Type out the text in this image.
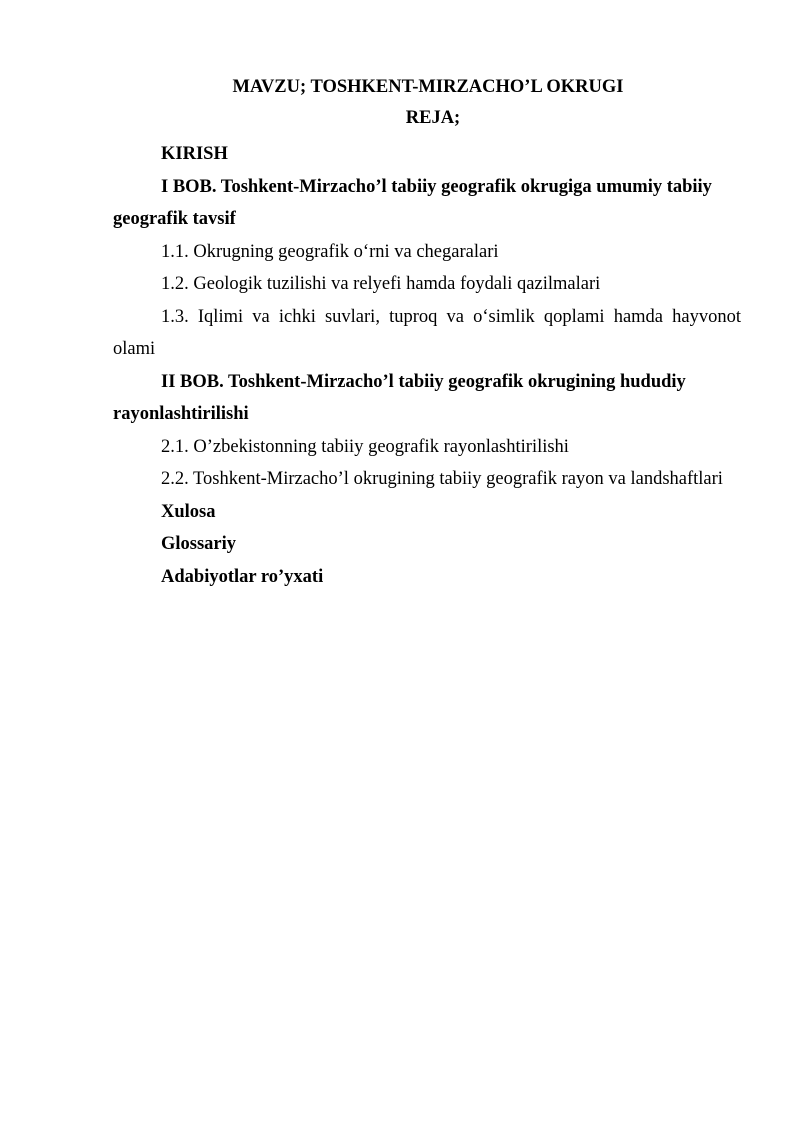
MAVZU; TOSHKENT-MIRZACHO’L OKRUGI
REJA;
KIRISH
I BOB. Toshkent-Mirzacho’l tabiiy geografik okrugiga umumiy tabiiy
geografik tavsif
1.1. Okrugning geografik o‘rni va chegaralari
1.2. Geologik tuzilishi va relyefi hamda foydali qazilmalari
1.3. Iqlimi va ichki suvlari, tuproq va o‘simlik qoplami hamda hayvonot
olami
II BOB. Toshkent-Mirzacho’l tabiiy geografik okrugining hududiy
rayonlashtirilishi
2.1. O’zbekistonning tabiiy geografik rayonlashtirilishi
2.2. Toshkent-Mirzacho’l okrugining tabiiy geografik rayon va landshaftlari
Xulosa
Glossariy
Adabiyotlar ro’yxati
